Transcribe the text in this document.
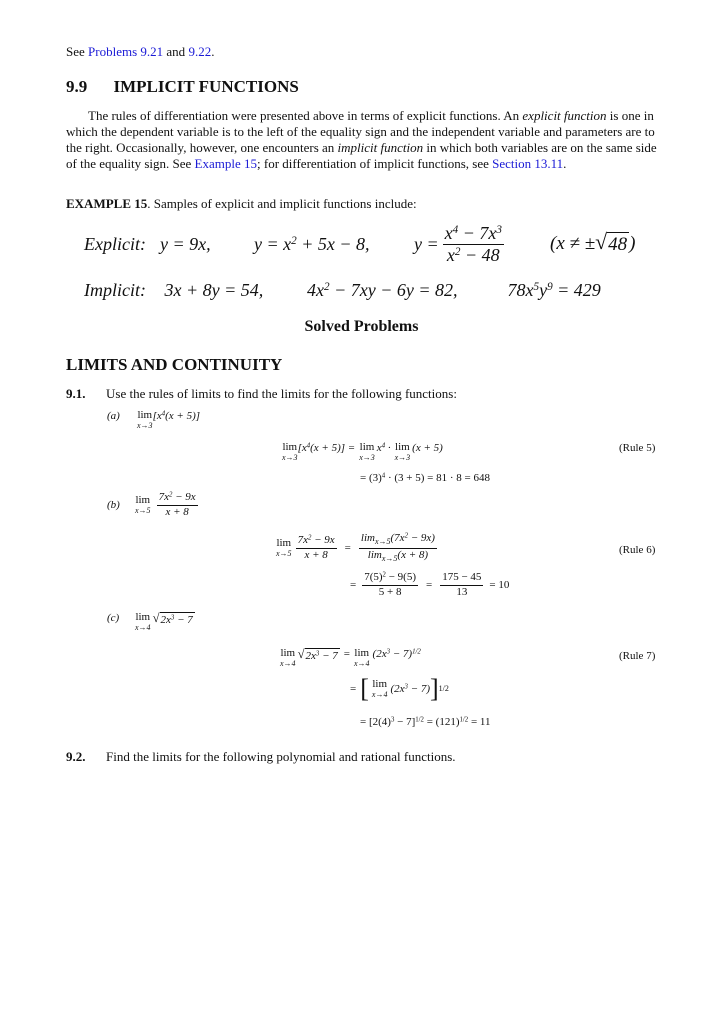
See Problems 9.21 and 9.22.
9.9 IMPLICIT FUNCTIONS

The rules of differentiation were presented above in terms of explicit functions. An explicit function is one in which the dependent variable is to the left of the equality sign and the independent variable and parameters are to the right. Occasionally, however, one encounters an implicit function in which both variables are on the same side of the equality sign. See Example 15; for differentiation of implicit functions, see Section 13.11.

EXAMPLE 15. Samples of explicit and implicit functions include:
Explicit: y = 9x,	$y = x^2 + 5x - 8$,	$y = \frac{x^4 - 7x^3}{x^2 - 48} (x$ ≠ ± √ 48 )
Implicit: 3x + 8y = 54, $4x^2 - 7xy - 6y = 82$,	$78x^5y^9 = 429$
Solved Problems
LIMITS AND CONTINUITY
9.1. Use the rules of limits to find the limits for the following functions:
(a)	lim
x→3
$[x^4(x + 5)]$
lim
x→3
$[x^4(x + 5)] = \lim$
x→3
$x^4 \cdot \lim$
x→3
(x + 5)	(Rule 5)
= $(3)^4 \cdot (3 + 5) = 81 \cdot 8 = 648$
(b)	lim
$x\to 5 \frac{7x^2 - 9x}{x + 8}$
lim
$x\to 5 \frac{7x^2 - 9x}{x + 8} = \frac{\lim_{x\to 5}(7x^2 - 9x)}{\lim_{x\to 5}(x + 8)}$	(Rule 6)
= $\frac{7(5)^2 - 9(5)}{5 + 8} = \frac{175 - 45}{13} = 10$
(c)	lim
x→4
√ $2x^3 - 7$
lim
x→4
√ $2x^3 - 7 = \lim$
x→4
$(2x^3 - 7)^{1/2}$	(Rule 7)
= [ lim
x→4 $(2x^3 - 7)$ ] 1/2
= $[2(4)^3 - 7]^{1/2} = (121)^{1/2} = 11$
9.2. Find the limits for the following polynomial and rational functions.
